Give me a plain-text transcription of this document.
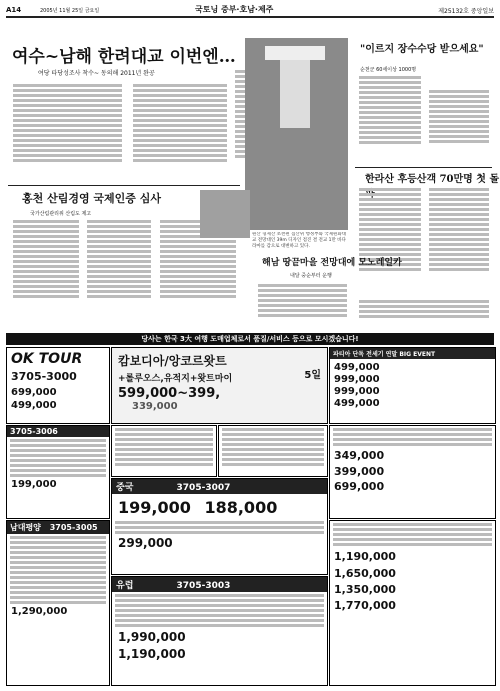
A14	2005년 11월 25일 금요일	국토닝 중부·호남·제주	제25132호 중앙일보
여수~남해 한려대교 이번엔…
여당 타당성조사 착수~ 동의해 2011년 완공
원산 형제산 초천편 집산위 행정부와 국제원화대교 전망대인 39m 디자인 점진 결 전교 1만 바다라마를 감으로 대변하고 있다.
"이르지 장수수당 받으세요"
순천군 60세이상 1000명
한라산 후등산객 70만명 첫 돌
홍천 산림경영 국제인증 심사
국가산림관리위 산림도 제고
해남 땅끝마을 전망대에 모노레일카
내달 중순부터 운행
당사는 한국 3大 여행 도매업체로서 품질/서비스 등으로 모시겠습니다!
OK TOUR
3705-3000
699,000
499,000
캄보디아/앙코르왓트
+롤루오스,유적지+왓트마이	5일
599,000~399,
339,000
파티아 단독 전세기 연말 BIG EVENT
499,000
999,000
999,000
499,000
3705-3006
199,000
349,000
399,000
699,000
중국	3705-3007
199,000 188,000
299,000
남대평양 3705-3005
1,290,000
1,190,000
1,650,000
1,350,000
1,770,000
유럽	3705-3003
1,990,000
1,190,000
